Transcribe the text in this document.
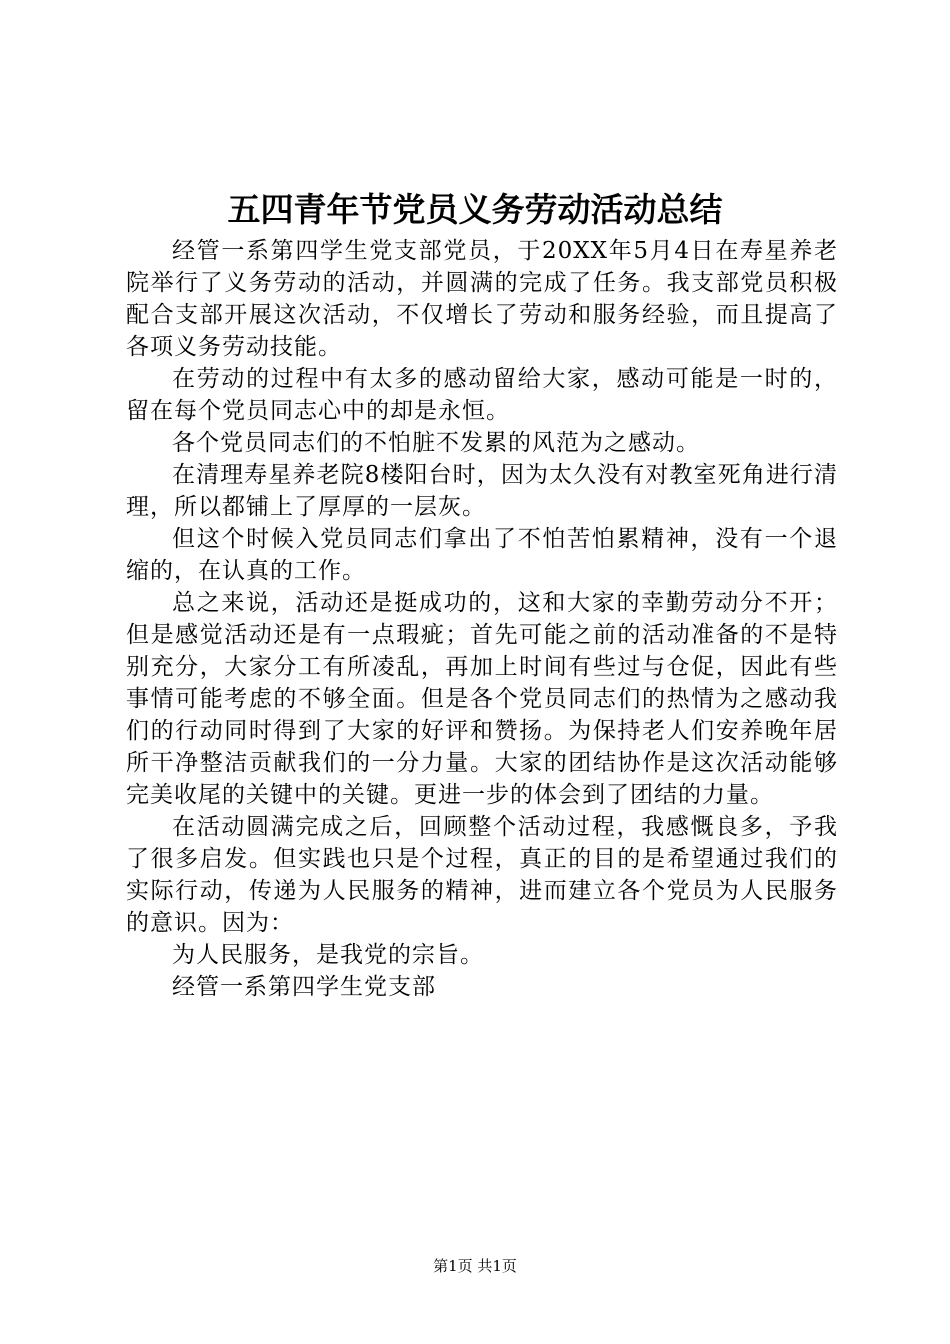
五四青年节党员义务劳动活动总结

经管一系第四学生党支部党员，于20XX年5月4日在寿星养老院举行了义务劳动的活动，并圆满的完成了任务。我支部党员积极配合支部开展这次活动，不仅增长了劳动和服务经验，而且提高了各项义务劳动技能。

在劳动的过程中有太多的感动留给大家，感动可能是一时的，留在每个党员同志心中的却是永恒。

各个党员同志们的不怕脏不发累的风范为之感动。

在清理寿星养老院8楼阳台时，因为太久没有对教室死角进行清理，所以都铺上了厚厚的一层灰。

但这个时候入党员同志们拿出了不怕苦怕累精神，没有一个退缩的，在认真的工作。

总之来说，活动还是挺成功的，这和大家的幸勤劳动分不开；但是感觉活动还是有一点瑕疵；首先可能之前的活动准备的不是特别充分，大家分工有所凌乱，再加上时间有些过与仓促，因此有些事情可能考虑的不够全面。但是各个党员同志们的热情为之感动我们的行动同时得到了大家的好评和赞扬。为保持老人们安养晚年居所干净整洁贡献我们的一分力量。大家的团结协作是这次活动能够完美收尾的关键中的关键。更进一步的体会到了团结的力量。

在活动圆满完成之后，回顾整个活动过程，我感慨良多，予我了很多启发。但实践也只是个过程，真正的目的是希望通过我们的实际行动，传递为人民服务的精神，进而建立各个党员为人民服务的意识。因为：

为人民服务，是我党的宗旨。

经管一系第四学生党支部

第1页 共1页
